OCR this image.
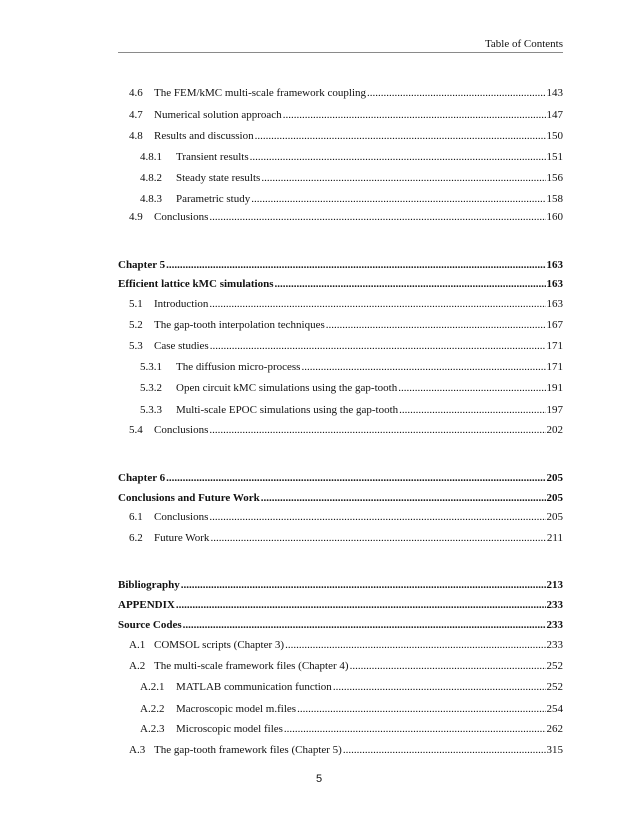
Table of Contents
4.6	The FEM/kMC multi-scale framework coupling .....	143
4.7	Numerical solution approach .....	147
4.8	Results and discussion .....	150
4.8.1	Transient results .....	151
4.8.2	Steady state results .....	156
4.8.3	Parametric study .....	158
4.9	Conclusions .....	160
Chapter 5 .....	163
Efficient lattice kMC simulations .....	163
5.1	Introduction .....	163
5.2	The gap-tooth interpolation techniques .....	167
5.3	Case studies .....	171
5.3.1	The diffusion micro-process .....	171
5.3.2	Open circuit kMC simulations using the gap-tooth .....	191
5.3.3	Multi-scale EPOC simulations using the gap-tooth .....	197
5.4	Conclusions .....	202
Chapter 6 .....	205
Conclusions and Future Work .....	205
6.1	Conclusions .....	205
6.2	Future Work .....	211
Bibliography .....	213
APPENDIX .....	233
Source Codes .....	233
A.1 COMSOL scripts (Chapter 3) .....	233
A.2 The multi-scale framework files (Chapter 4) .....	252
A.2.1	MATLAB communication function .....	252
A.2.2	Macroscopic model m.files .....	254
A.2.3	Microscopic model files .....	262
A.3 The gap-tooth framework files (Chapter 5) .....	315
5
